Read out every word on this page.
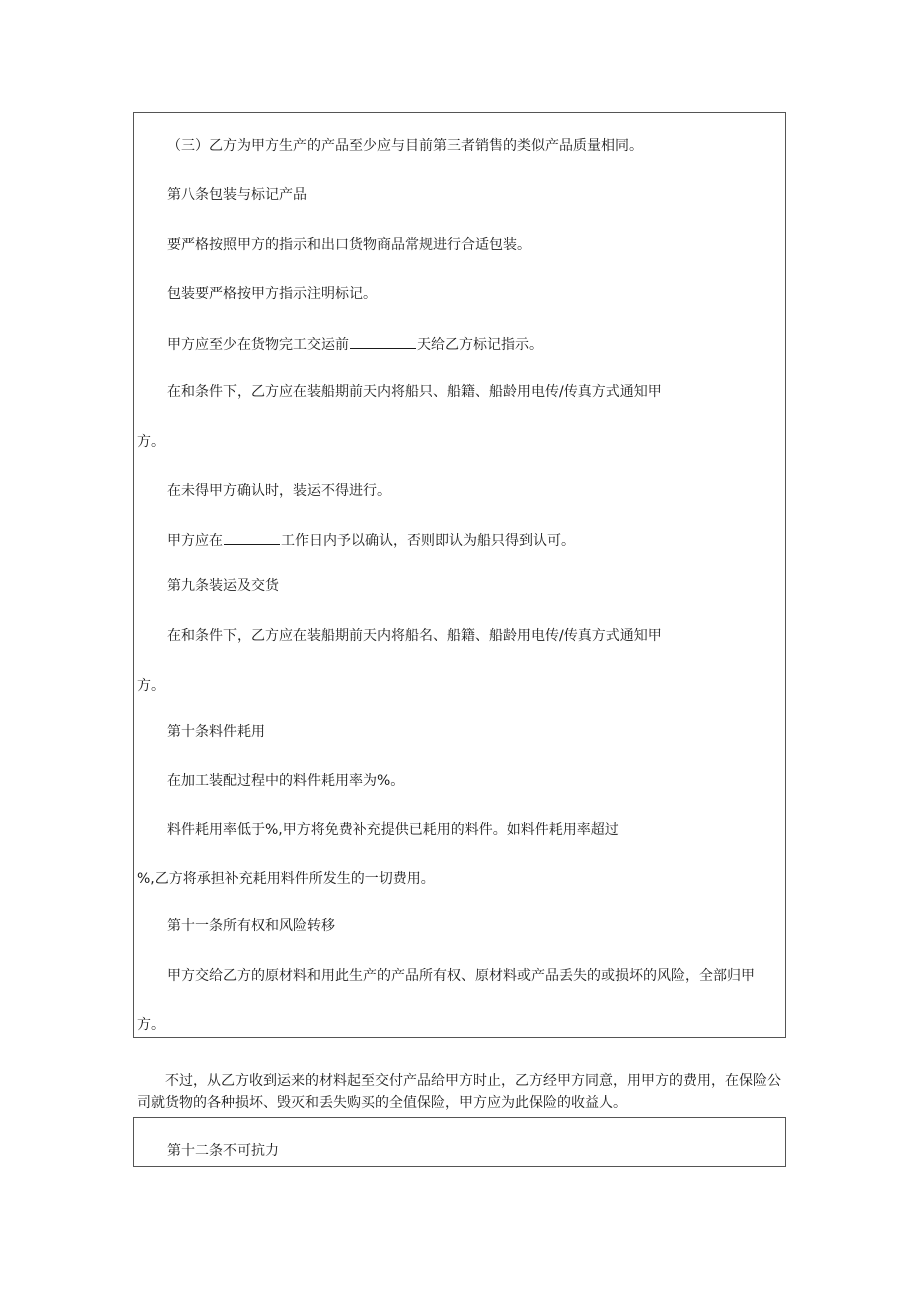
（三）乙方为甲方生产的产品至少应与目前第三者销售的类似产品质量相同。
第八条包装与标记产品
要严格按照甲方的指示和出口货物商品常规进行合适包装。
包装要严格按甲方指示注明标记。
甲方应至少在货物完工交运前	天给乙方标记指示。
在和条件下，乙方应在装船期前天内将船只、船籍、船龄用电传/传真方式通知甲
方。
在未得甲方确认时，装运不得进行。
甲方应在	工作日内予以确认，否则即认为船只得到认可。
第九条装运及交货
在和条件下，乙方应在装船期前天内将船名、船籍、船龄用电传/传真方式通知甲
方。
第十条料件耗用
在加工装配过程中的料件耗用率为%。
料件耗用率低于%,甲方将免费补充提供已耗用的料件。如料件耗用率超过
%,乙方将承担补充耗用料件所发生的一切费用。
第十一条所有权和风险转移
甲方交给乙方的原材料和用此生产的产品所有权、原材料或产品丢失的或损坏的风险，全部归甲
方。
不过，从乙方收到运来的材料起至交付产品给甲方时止，乙方经甲方同意，用甲方的费用，在保险公司就货物的各种损坏、毁灭和丢失购买的全值保险，甲方应为此保险的收益人。
第十二条不可抗力
